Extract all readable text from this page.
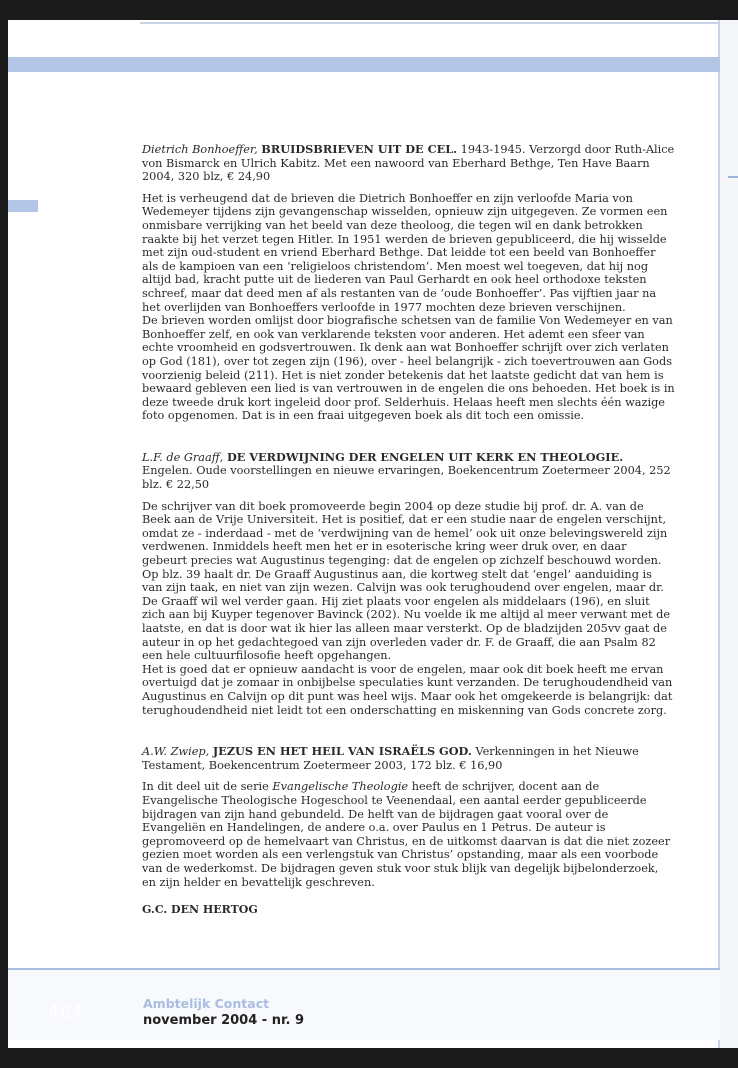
Dietrich Bonhoeffer, BRUIDSBRIEVEN UIT DE CEL. 1943-1945. Verzorgd door Ruth-Alice von Bismarck en Ulrich Kabitz. Met een nawoord van Eberhard Bethge, Ten Have Baarn 2004, 320 blz, € 24,90

Het is verheugend dat de brieven die Dietrich Bonhoeffer en zijn verloofde Maria von Wedemeyer tijdens zijn gevangenschap wisselden, opnieuw zijn uitgegeven. Ze vormen een onmisbare verrijking van het beeld van deze theoloog, die tegen wil en dank betrokken raakte bij het verzet tegen Hitler. In 1951 werden de brieven gepubliceerd, die hij wisselde met zijn oud-student en vriend Eberhard Bethge. Dat leidde tot een beeld van Bonhoeffer als de kampioen van een ‘religieloos christendom’. Men moest wel toegeven, dat hij nog altijd bad, kracht putte uit de liederen van Paul Gerhardt en ook heel orthodoxe teksten schreef, maar dat deed men af als restanten van de ‘oude Bonhoeffer’. Pas vijftien jaar na het overlijden van Bonhoeffers verloofde in 1977 mochten deze brieven verschijnen.

De brieven worden omlijst door biografische schetsen van de familie Von Wedemeyer en van Bonhoeffer zelf, en ook van verklarende teksten voor anderen. Het ademt een sfeer van echte vroomheid en godsvertrouwen. Ik denk aan wat Bonhoeffer schrijft over zich verlaten op God (181), over tot zegen zijn (196), over - heel belangrijk - zich toevertrouwen aan Gods voorzienig beleid (211). Het is niet zonder betekenis dat het laatste gedicht dat van hem is bewaard gebleven een lied is van vertrouwen in de engelen die ons behoeden. Het boek is in deze tweede druk kort ingeleid door prof. Selderhuis. Helaas heeft men slechts één wazige foto opgenomen. Dat is in een fraai uitgegeven boek als dit toch een omissie.

L.F. de Graaff, DE VERDWIJNING DER ENGELEN UIT KERK EN THEOLOGIE. Engelen. Oude voorstellingen en nieuwe ervaringen, Boekencentrum Zoetermeer 2004, 252 blz. € 22,50

De schrijver van dit boek promoveerde begin 2004 op deze studie bij prof. dr. A. van de Beek aan de Vrije Universiteit. Het is positief, dat er een studie naar de engelen verschijnt, omdat ze - inderdaad - met de ‘verdwijning van de hemel’ ook uit onze belevingswereld zijn verdwenen. Inmiddels heeft men het er in esoterische kring weer druk over, en daar gebeurt precies wat Augustinus tegenging: dat de engelen op zichzelf beschouwd worden. Op blz. 39 haalt dr. De Graaff Augustinus aan, die kortweg stelt dat ‘engel’ aanduiding is van zijn taak, en niet van zijn wezen. Calvijn was ook terughoudend over engelen, maar dr. De Graaff wil wel verder gaan. Hij ziet plaats voor engelen als middelaars (196), en sluit zich aan bij Kuyper tegenover Bavinck (202). Nu voelde ik me altijd al meer verwant met de laatste, en dat is door wat ik hier las alleen maar versterkt. Op de bladzijden 205vv gaat de auteur in op het gedachtegoed van zijn overleden vader dr. F. de Graaff, die aan Psalm 82 een hele cultuurfilosofie heeft opgehangen.

Het is goed dat er opnieuw aandacht is voor de engelen, maar ook dit boek heeft me ervan overtuigd dat je zomaar in onbijbelse speculaties kunt verzanden. De terughoudendheid van Augustinus en Calvijn op dit punt was heel wijs. Maar ook het omgekeerde is belangrijk: dat terughoudendheid niet leidt tot een onderschatting en miskenning van Gods concrete zorg.

A.W. Zwiep, JEZUS EN HET HEIL VAN ISRAËLS GOD. Verkenningen in het Nieuwe Testament, Boekencentrum Zoetermeer 2003, 172 blz. € 16,90

In dit deel uit de serie Evangelische Theologie heeft de schrijver, docent aan de Evangelische Theologische Hogeschool te Veenendaal, een aantal eerder gepubliceerde bijdragen van zijn hand gebundeld. De helft van de bijdragen gaat vooral over de Evangeliën en Handelingen, de andere o.a. over Paulus en 1 Petrus. De auteur is gepromoveerd op de hemelvaart van Christus, en de uitkomst daarvan is dat die niet zozeer gezien moet worden als een verlengstuk van Christus’ opstanding, maar als een voorbode van de wederkomst. De bijdragen geven stuk voor stuk blijk van degelijk bijbelonderzoek, en zijn helder en bevattelijk geschreven.

G.C. DEN HERTOG
464	Ambtelijk Contact
november 2004 - nr. 9
